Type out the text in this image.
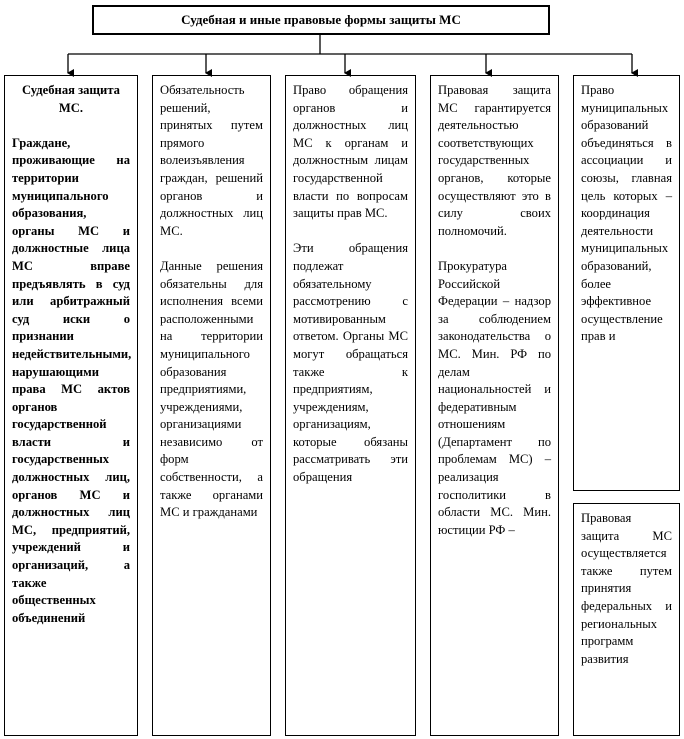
Судебная и иные правовые формы защиты МС

Судебная защита МС.

Граждане, проживающие на территории муниципального образования, органы МС и должностные лица МС вправе предъявлять в суд или арбитражный суд иски о признании недействительными, нарушающими права МС актов органов государственной власти и государственных должностных лиц, органов МС и должностных лиц МС, предприятий, учреждений и организаций, а также общественных объединений

Обязательность решений, принятых путем прямого волеизъявления граждан, решений органов и должностных лиц МС.

Данные решения обязательны для исполнения всеми расположенными на территории муниципального образования предприятиями, учреждениями, организациями независимо от форм собственности, а также органами МС и гражданами

Право обращения органов и должностных лиц МС к органам и должностным лицам государственной власти по вопросам защиты прав МС.

Эти обращения подлежат обязательному рассмотрению с мотивированным ответом. Органы МС могут обращаться также к предприятиям, учреждениям, организациям, которые обязаны рассматривать эти обращения

Правовая защита МС гарантируется деятельностью соответствующих государственных органов, которые осуществляют это в силу своих полномочий.

Прокуратура Российской Федерации – надзор за соблюдением законодательства о МС. Мин. РФ по делам национальностей и федеративным отношениям (Департамент по проблемам МС) – реализация госполитики в области МС. Мин. юстиции РФ –

Право муниципальных образований объединяться в ассоциации и союзы, главная цель которых – координация деятельности муниципальных образований, более эффективное осуществление прав и

Правовая защита МС осуществляется также путем принятия федеральных и региональных программ развития
